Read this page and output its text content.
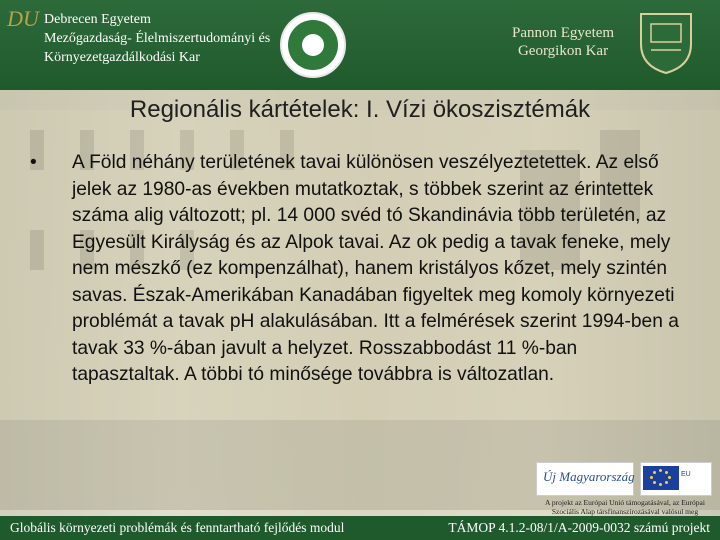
DU Debrecen Egyetem
Mezőgazdaság- Élelmiszertudományi és
Környezetgazdálkodási Kar
Pannon Egyetem
Georgikon Kar
Regionális kártételek: I. Vízi ökoszisztémák
• A Föld néhány területének tavai különösen veszélyeztetettek. Az első jelek az 1980-as években mutatkoztak, s többek szerint az érintettek száma alig változott; pl. 14 000 svéd tó Skandinávia több területén, az Egyesült Királyság és az Alpok tavai. Az ok pedig a tavak feneke, mely nem mészkő (ez kompenzálhat), hanem kristályos kőzet, mely szintén savas. Észak-Amerikában Kanadában figyeltek meg komoly környezeti problémát a tavak pH alakulásában. Itt a felmérések szerint 1994-ben a tavak 33 %-ában javult a helyzet. Rosszabbodást 11 %-ban tapasztaltak. A többi tó minősége továbbra is változatlan.
Új Magyarország	EU
A projekt az Európai Unió támogatásával, az Európai Szociális Alap társfinanszírozásával valósul meg
Globális környezeti problémák és fenntartható fejlődés modul	TÁMOP 4.1.2-08/1/A-2009-0032 számú projekt
